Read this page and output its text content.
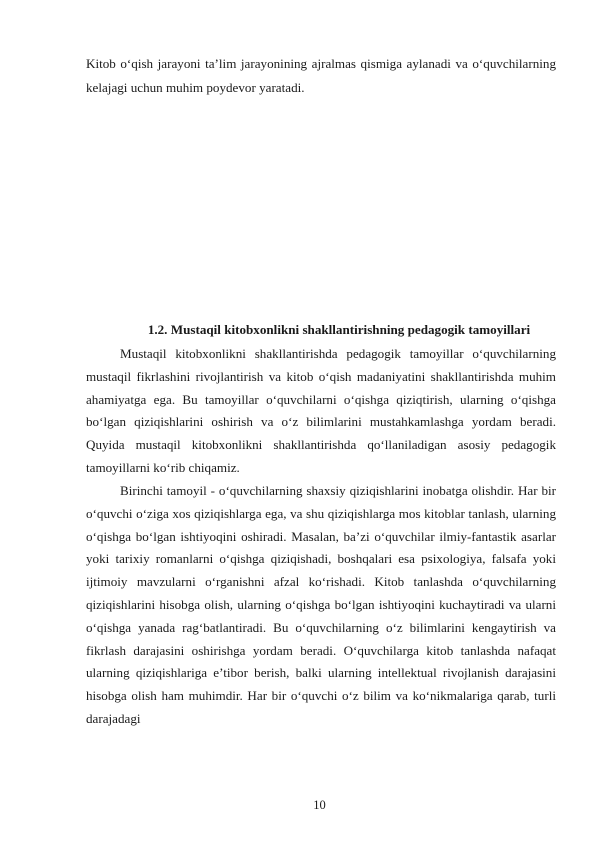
Kitob o‘qish jarayoni ta’lim jarayonining ajralmas qismiga aylanadi va o‘quvchilarning kelajagi uchun muhim poydevor yaratadi.

1.2. Mustaqil kitobxonlikni shakllantirishning pedagogik tamoyillari

Mustaqil kitobxonlikni shakllantirishda pedagogik tamoyillar o‘quvchilarning mustaqil fikrlashini rivojlantirish va kitob o‘qish madaniyatini shakllantirishda muhim ahamiyatga ega. Bu tamoyillar o‘quvchilarni o‘qishga qiziqtirish, ularning o‘qishga bo‘lgan qiziqishlarini oshirish va o‘z bilimlarini mustahkamlashga yordam beradi. Quyida mustaqil kitobxonlikni shakllantirishda qo‘llaniladigan asosiy pedagogik tamoyillarni ko‘rib chiqamiz.

Birinchi tamoyil - o‘quvchilarning shaxsiy qiziqishlarini inobatga olishdir. Har bir o‘quvchi o‘ziga xos qiziqishlarga ega, va shu qiziqishlarga mos kitoblar tanlash, ularning o‘qishga bo‘lgan ishtiyoqini oshiradi. Masalan, ba’zi o‘quvchilar ilmiy-fantastik asarlar yoki tarixiy romanlarni o‘qishga qiziqishadi, boshqalari esa psixologiya, falsafa yoki ijtimoiy mavzularni o‘rganishni afzal ko‘rishadi. Kitob tanlashda o‘quvchilarning qiziqishlarini hisobga olish, ularning o‘qishga bo‘lgan ishtiyoqini kuchaytiradi va ularni o‘qishga yanada rag‘batlantiradi. Bu o‘quvchilarning o‘z bilimlarini kengaytirish va fikrlash darajasini oshirishga yordam beradi. O‘quvchilarga kitob tanlashda nafaqat ularning qiziqishlariga e’tibor berish, balki ularning intellektual rivojlanish darajasini hisobga olish ham muhimdir. Har bir o‘quvchi o‘z bilim va ko‘nikmalariga qarab, turli darajadagi

10
